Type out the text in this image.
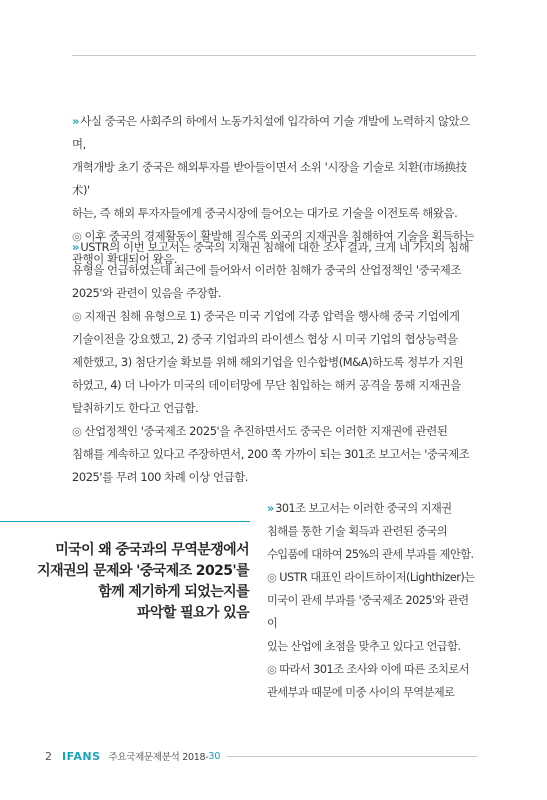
» 사실 중국은 사회주의 하에서 노동가치설에 입각하여 기술 개발에 노력하지 않았으며,

개혁개방 초기 중국은 해외투자를 받아들이면서 소위 '시장을 기술로 치환(市场换技术)'

하는, 즉 해외 투자자들에게 중국시장에 들어오는 대가로 기술을 이전토록 해왔음.

◎ 이후 중국의 경제활동이 활발해 질수록 외국의 지재권을 침해하여 기술을 획득하는

관행이 확대되어 왔음.

» USTR의 이번 보고서는 중국의 지재권 침해에 대한 조사 결과, 크게 네 가지의 침해

유형을 언급하였는데 최근에 들어와서 이러한 침해가 중국의 산업정책인 '중국제조

2025'와 관련이 있음을 주장함.

◎ 지재권 침해 유형으로 1) 중국은 미국 기업에 각종 압력을 행사해 중국 기업에게

기술이전을 강요했고, 2) 중국 기업과의 라이센스 협상 시 미국 기업의 협상능력을

제한했고, 3) 첨단기술 확보를 위해 해외기업을 인수합병(M&A)하도록 정부가 지원

하였고, 4) 더 나아가 미국의 데이터망에 무단 침입하는 해커 공격을 통해 지재권을

탈취하기도 한다고 언급함.

◎ 산업정책인 '중국제조 2025'을 추진하면서도 중국은 이러한 지재권에 관련된

침해를 계속하고 있다고 주장하면서, 200 쪽 가까이 되는 301조 보고서는 '중국제조

2025'를 무려 100 차례 이상 언급함.

미국이 왜 중국과의 무역분쟁에서
지재권의 문제와 '중국제조 2025'를
함께 제기하게 되었는지를
파악할 필요가 있음

» 301조 보고서는 이러한 중국의 지재권

침해를 통한 기술 획득과 관련된 중국의

수입품에 대하여 25%의 관세 부과를 제안함.

◎ USTR 대표인 라이트하이저(Lighthizer)는

미국이 관세 부과를 '중국제조 2025'와 관련이

있는 산업에 초점을 맞추고 있다고 언급함.

◎ 따라서 301조 조사와 이에 따른 조치로서

관세부과 때문에 미중 사이의 무역분제로

2 IFANS 주요국제문제분석 2018- 30
